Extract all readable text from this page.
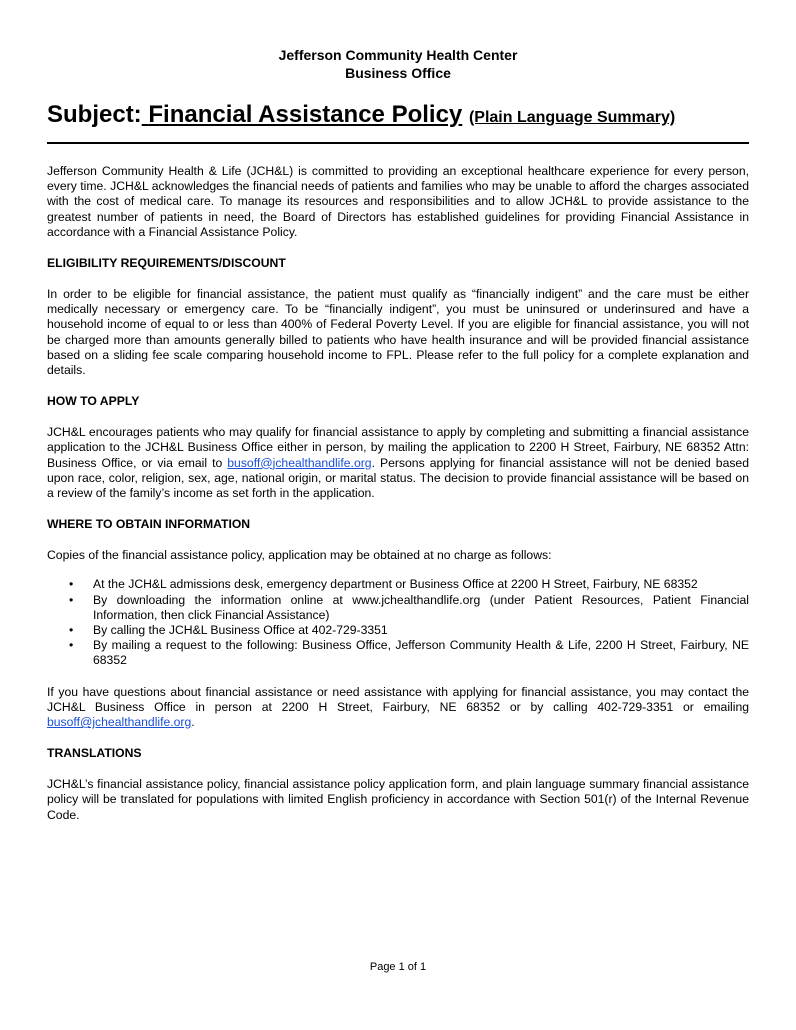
Jefferson Community Health Center
Business Office
Subject: Financial Assistance Policy (Plain Language Summary)

Jefferson Community Health & Life (JCH&L) is committed to providing an exceptional healthcare experience for every person, every time. JCH&L acknowledges the financial needs of patients and families who may be unable to afford the charges associated with the cost of medical care. To manage its resources and responsibilities and to allow JCH&L to provide assistance to the greatest number of patients in need, the Board of Directors has established guidelines for providing Financial Assistance in accordance with a Financial Assistance Policy.

ELIGIBILITY REQUIREMENTS/DISCOUNT

In order to be eligible for financial assistance, the patient must qualify as “financially indigent” and the care must be either medically necessary or emergency care. To be “financially indigent”, you must be uninsured or underinsured and have a household income of equal to or less than 400% of Federal Poverty Level. If you are eligible for financial assistance, you will not be charged more than amounts generally billed to patients who have health insurance and will be provided financial assistance based on a sliding fee scale comparing household income to FPL. Please refer to the full policy for a complete explanation and details.

HOW TO APPLY

JCH&L encourages patients who may qualify for financial assistance to apply by completing and submitting a financial assistance application to the JCH&L Business Office either in person, by mailing the application to 2200 H Street, Fairbury, NE 68352 Attn: Business Office, or via email to busoff@jchealthandlife.org. Persons applying for financial assistance will not be denied based upon race, color, religion, sex, age, national origin, or marital status. The decision to provide financial assistance will be based on a review of the family’s income as set forth in the application.

WHERE TO OBTAIN INFORMATION

Copies of the financial assistance policy, application may be obtained at no charge as follows:

• At the JCH&L admissions desk, emergency department or Business Office at 2200 H Street, Fairbury, NE 68352
• By downloading the information online at www.jchealthandlife.org (under Patient Resources, Patient Financial Information, then click Financial Assistance)
• By calling the JCH&L Business Office at 402-729-3351
• By mailing a request to the following: Business Office, Jefferson Community Health & Life, 2200 H Street, Fairbury, NE 68352

If you have questions about financial assistance or need assistance with applying for financial assistance, you may contact the JCH&L Business Office in person at 2200 H Street, Fairbury, NE 68352 or by calling 402-729-3351 or emailing busoff@jchealthandlife.org.

TRANSLATIONS

JCH&L’s financial assistance policy, financial assistance policy application form, and plain language summary financial assistance policy will be translated for populations with limited English proficiency in accordance with Section 501(r) of the Internal Revenue Code.

Page 1 of 1
